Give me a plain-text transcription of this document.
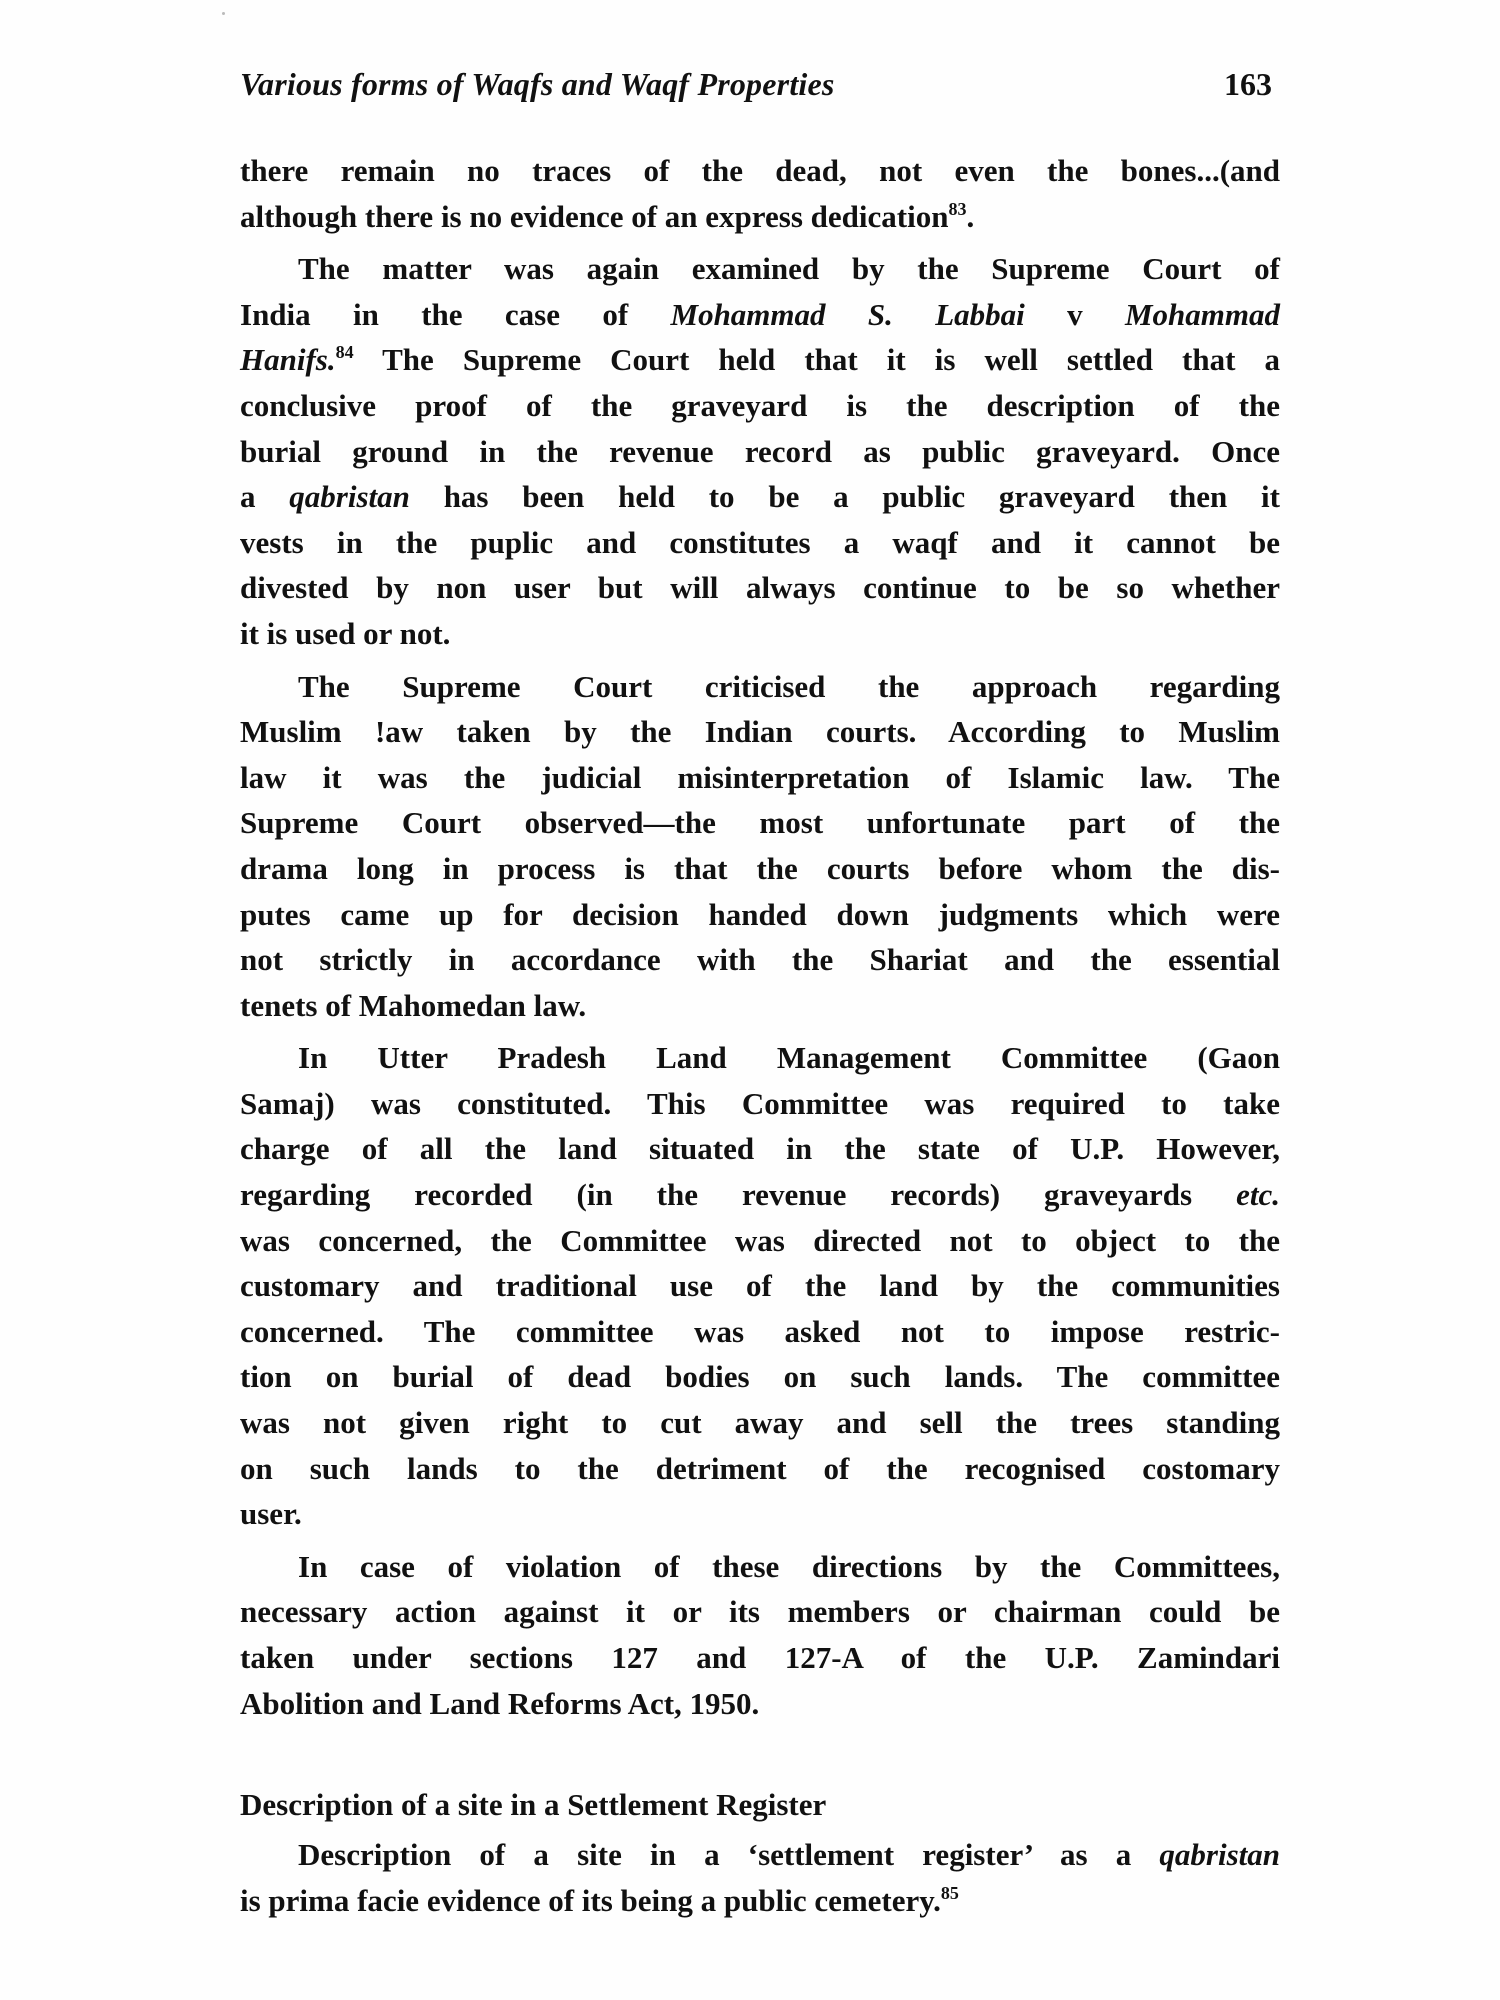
Various forms of Waqfs and Waqf Properties	163

there remain no traces of the dead, not even the bones...(and
although there is no evidence of an express dedication$^{83}$.

The matter was again examined by the Supreme Court of
India in the case of Mohammad S. Labbai v Mohammad
Hanifs.$^{84}$ The Supreme Court held that it is well settled that a
conclusive proof of the graveyard is the description of the
burial ground in the revenue record as public graveyard. Once
a qabristan has been held to be a public graveyard then it
vests in the puplic and constitutes a waqf and it cannot be
divested by non user but will always continue to be so whether
it is used or not.

The Supreme Court criticised the approach regarding
Muslim !aw taken by the Indian courts. According to Muslim
law it was the judicial misinterpretation of Islamic law. The
Supreme Court observed—the most unfortunate part of the
drama long in process is that the courts before whom the dis-
putes came up for decision handed down judgments which were
not strictly in accordance with the Shariat and the essential
tenets of Mahomedan law.

In Utter Pradesh Land Management Committee (Gaon
Samaj) was constituted. This Committee was required to take
charge of all the land situated in the state of U.P. However,
regarding recorded (in the revenue records) graveyards etc.
was concerned, the Committee was directed not to object to the
customary and traditional use of the land by the communities
concerned. The committee was asked not to impose restric-
tion on burial of dead bodies on such lands. The committee
was not given right to cut away and sell the trees standing
on such lands to the detriment of the recognised costomary
user.

In case of violation of these directions by the Committees,
necessary action against it or its members or chairman could be
taken under sections 127 and 127-A of the U.P. Zamindari
Abolition and Land Reforms Act, 1950.

Description of a site in a Settlement Register

Description of a site in a ‘settlement register’ as a qabristan
is prima facie evidence of its being a public cemetery.$^{85}$
